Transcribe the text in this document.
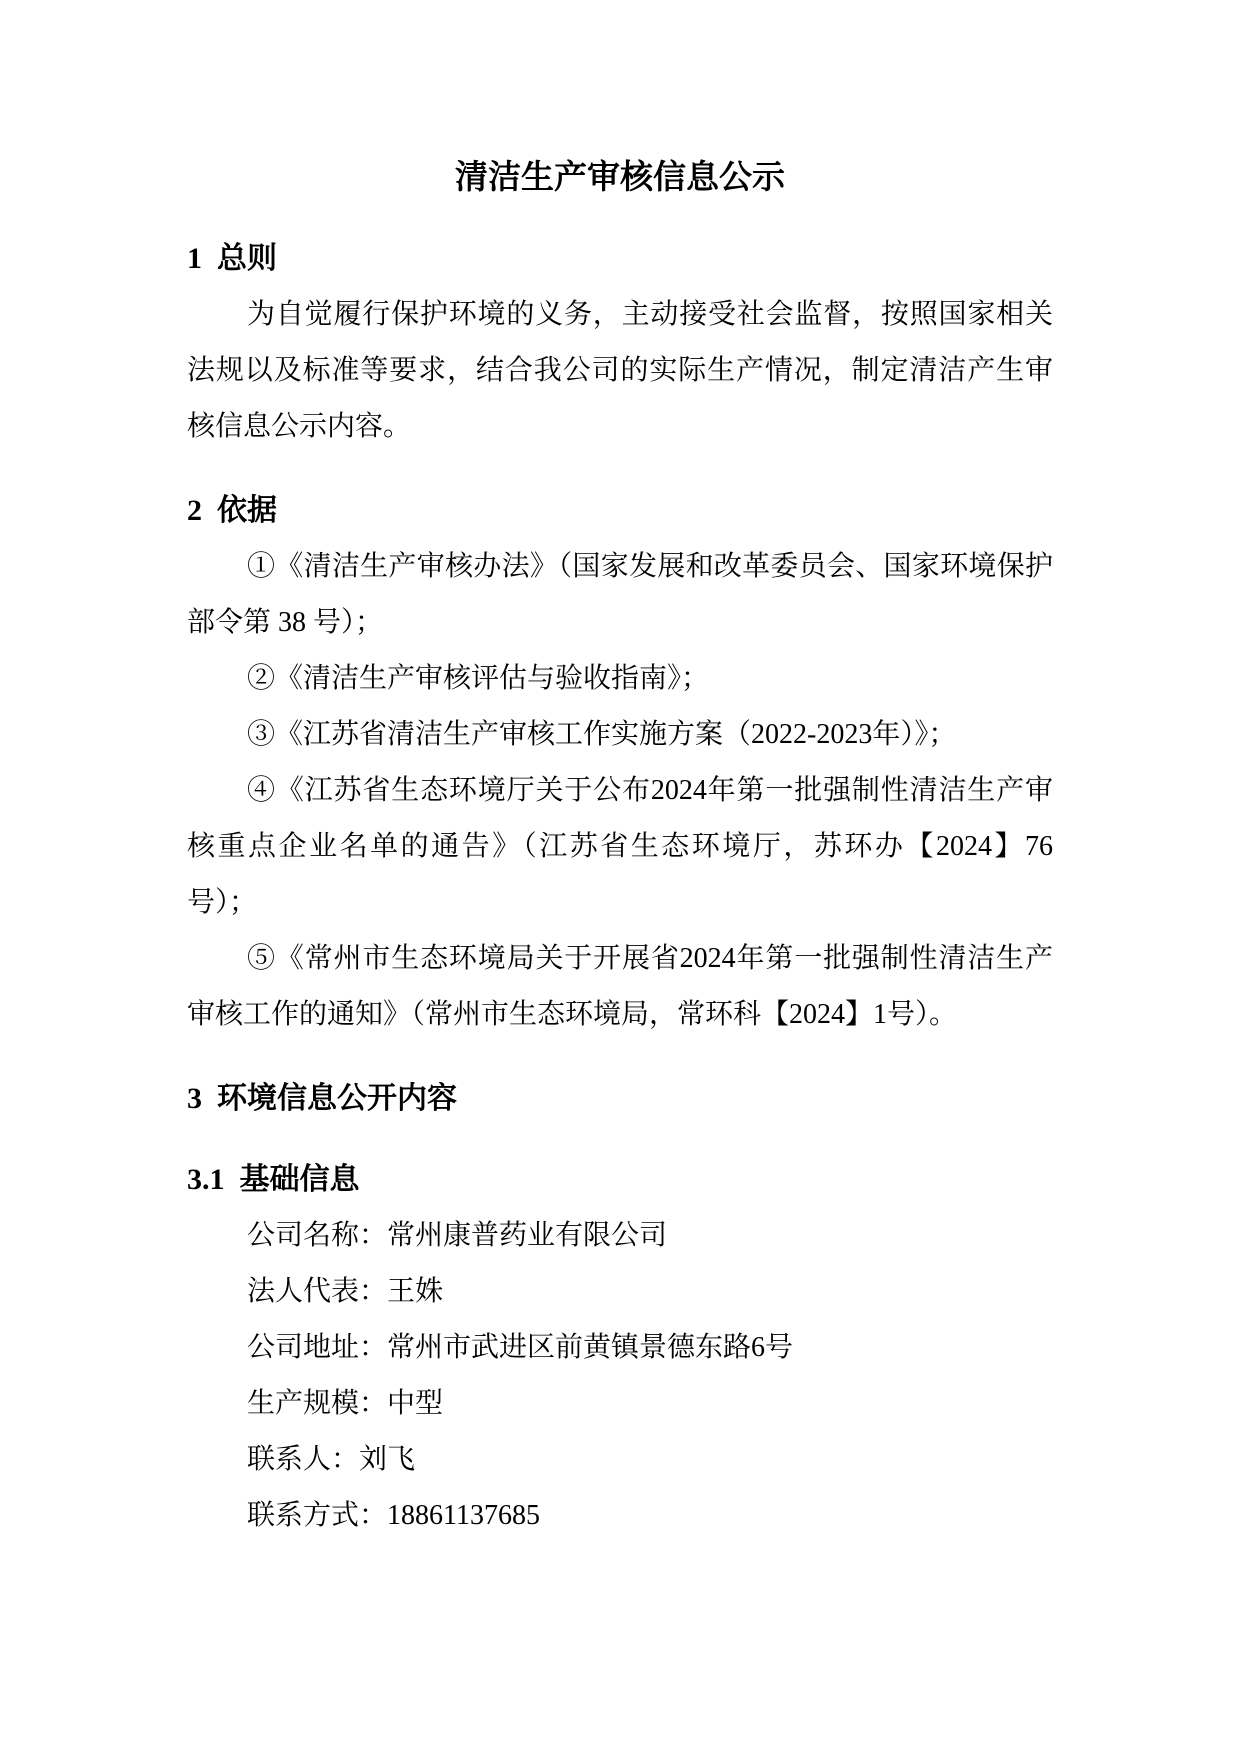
清洁生产审核信息公示

1  总则

为自觉履行保护环境的义务，主动接受社会监督，按照国家相关法规以及标准等要求，结合我公司的实际生产情况，制定清洁产生审核信息公示内容。

2  依据

①《清洁生产审核办法》（国家发展和改革委员会、国家环境保护部令第 38 号）；

②《清洁生产审核评估与验收指南》；

③《江苏省清洁生产审核工作实施方案（2022-2023年）》；

④《江苏省生态环境厅关于公布2024年第一批强制性清洁生产审核重点企业名单的通告》（江苏省生态环境厅，苏环办【2024】76号）；

⑤《常州市生态环境局关于开展省2024年第一批强制性清洁生产审核工作的通知》（常州市生态环境局，常环科【2024】1号）。

3  环境信息公开内容

3.1  基础信息

公司名称：常州康普药业有限公司

法人代表：王姝

公司地址：常州市武进区前黄镇景德东路6号

生产规模：中型

联系人：刘飞

联系方式：18861137685
